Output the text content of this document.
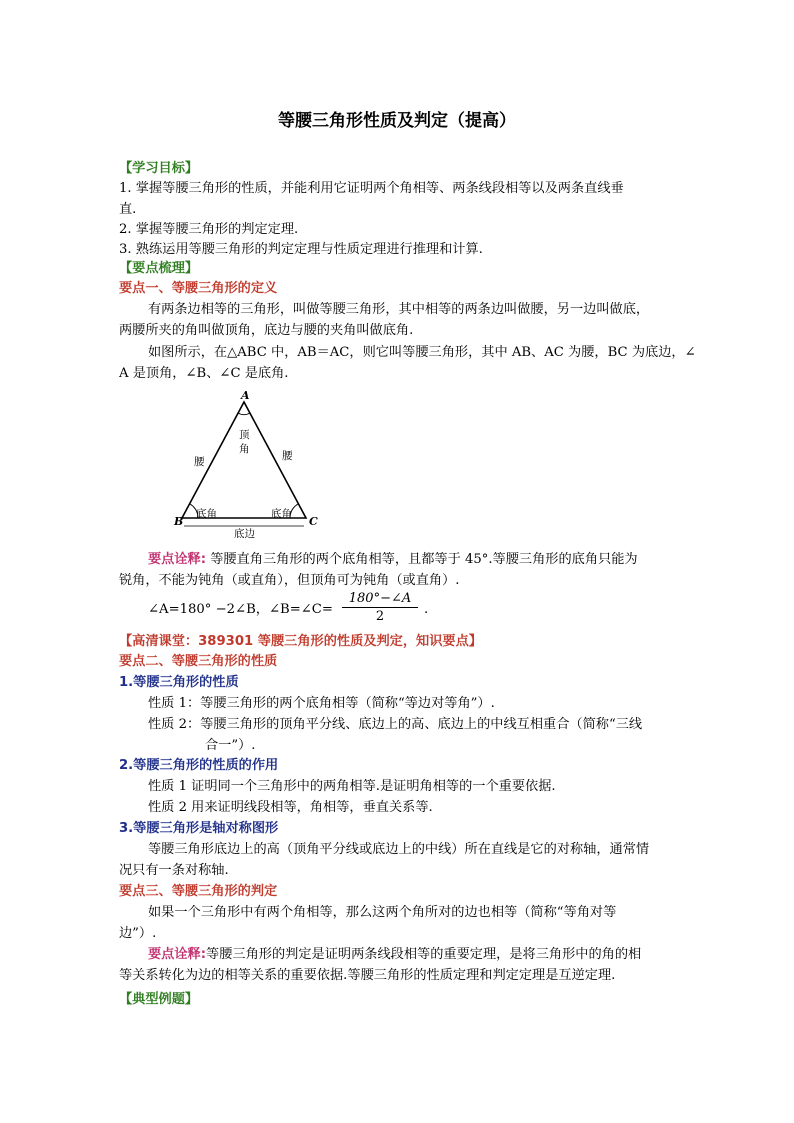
等腰三角形性质及判定（提高）
【学习目标】
1. 掌握等腰三角形的性质，并能利用它证明两个角相等、两条线段相等以及两条直线垂
直.
2. 掌握等腰三角形的判定定理.
3. 熟练运用等腰三角形的判定定理与性质定理进行推理和计算.
【要点梳理】
要点一、等腰三角形的定义
有两条边相等的三角形，叫做等腰三角形，其中相等的两条边叫做腰，另一边叫做底，
两腰所夹的角叫做顶角，底边与腰的夹角叫做底角.
如图所示，在△ABC 中，AB＝AC，则它叫等腰三角形，其中 AB、AC 为腰，BC 为底边，∠
A 是顶角，∠B、∠C 是底角.
A
B	C
顶
角
腰	腰
底角	底角
底边
要点诠释: 等腰直角三角形的两个底角相等，且都等于 45°.等腰三角形的底角只能为
锐角，不能为钝角（或直角），但顶角可为钝角（或直角）.
∠A=180° −2∠B，∠B=∠C=
180°−∠A
2	.
【高清课堂：389301 等腰三角形的性质及判定，知识要点】
要点二、等腰三角形的性质
1.等腰三角形的性质
性质 1：等腰三角形的两个底角相等（简称“等边对等角”）.
性质 2：等腰三角形的顶角平分线、底边上的高、底边上的中线互相重合（简称“三线
合一”）.
2.等腰三角形的性质的作用
性质 1 证明同一个三角形中的两角相等.是证明角相等的一个重要依据.
性质 2 用来证明线段相等，角相等，垂直关系等.
3.等腰三角形是轴对称图形
等腰三角形底边上的高（顶角平分线或底边上的中线）所在直线是它的对称轴，通常情
况只有一条对称轴.
要点三、等腰三角形的判定
如果一个三角形中有两个角相等，那么这两个角所对的边也相等（简称“等角对等
边”）.
要点诠释:等腰三角形的判定是证明两条线段相等的重要定理，是将三角形中的角的相
等关系转化为边的相等关系的重要依据.等腰三角形的性质定理和判定定理是互逆定理.
【典型例题】
